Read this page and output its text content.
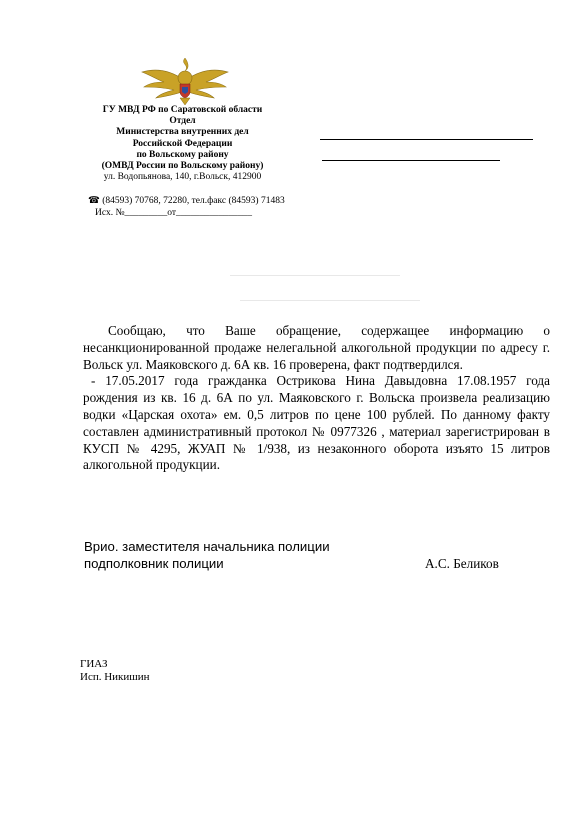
ГУ МВД РФ по Саратовской области
Отдел
Министерства внутренних дел
Российской Федерации
по Вольскому району
(ОМВД России по Вольскому району)
ул. Водопьянова, 140, г.Вольск, 412900
☎ (84593) 70768, 72280, тел.факс (84593) 71483
Исх. №_________от________________

Сообщаю, что Ваше обращение, содержащее информацию о несанкционированной продаже нелегальной алкогольной продукции по адресу г. Вольск ул. Маяковского д. 6А кв. 16 проверена, факт подтвердился.

- 17.05.2017 года гражданка Острикова Нина Давыдовна 17.08.1957 года рождения из кв. 16 д. 6А по ул. Маяковского г. Вольска произвела реализацию водки «Царская охота» ем. 0,5 литров по цене 100 рублей. По данному факту составлен административный протокол № 0977326 , материал зарегистрирован в КУСП № 4295, ЖУАП № 1/938, из незаконного оборота изъято 15 литров алкогольной продукции.

Врио. заместителя начальника полиции
подполковник полиции	А.С. Беликов
ГИАЗ
Исп. Никишин
